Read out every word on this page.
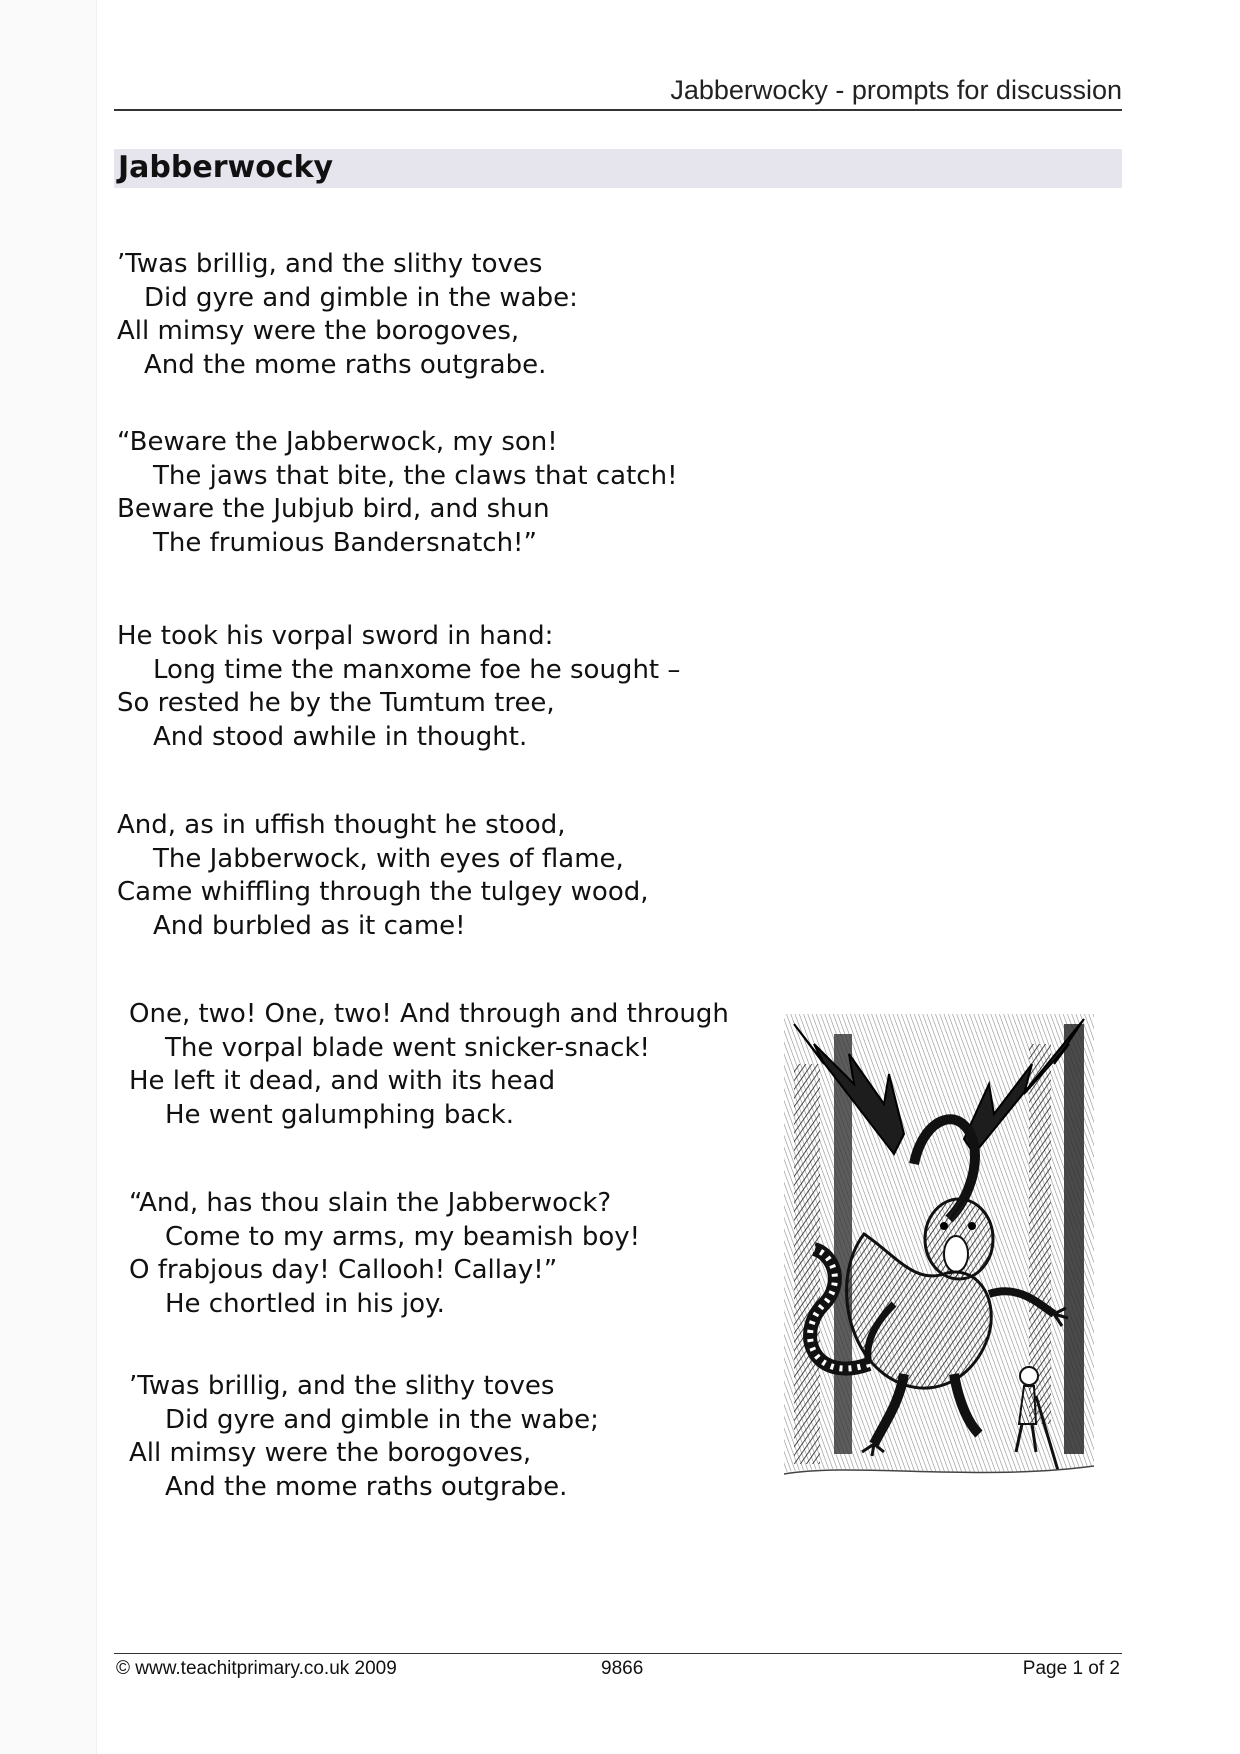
Jabberwocky - prompts for discussion
Jabberwocky
’Twas brillig, and the slithy toves
Did gyre and gimble in the wabe:
All mimsy were the borogoves,
And the mome raths outgrabe.
“Beware the Jabberwock, my son!
The jaws that bite, the claws that catch!
Beware the Jubjub bird, and shun
The frumious Bandersnatch!”
He took his vorpal sword in hand:
Long time the manxome foe he sought –
So rested he by the Tumtum tree,
And stood awhile in thought.
And, as in uffish thought he stood,
The Jabberwock, with eyes of flame,
Came whiffling through the tulgey wood,
And burbled as it came!
One, two! One, two! And through and through
The vorpal blade went snicker-snack!
He left it dead, and with its head
He went galumphing back.
“And, has thou slain the Jabberwock?
Come to my arms, my beamish boy!
O frabjous day! Callooh! Callay!”
He chortled in his joy.
’Twas brillig, and the slithy toves
Did gyre and gimble in the wabe;
All mimsy were the borogoves,
And the mome raths outgrabe.
© www.teachitprimary.co.uk 2009	9866	Page 1 of 2
